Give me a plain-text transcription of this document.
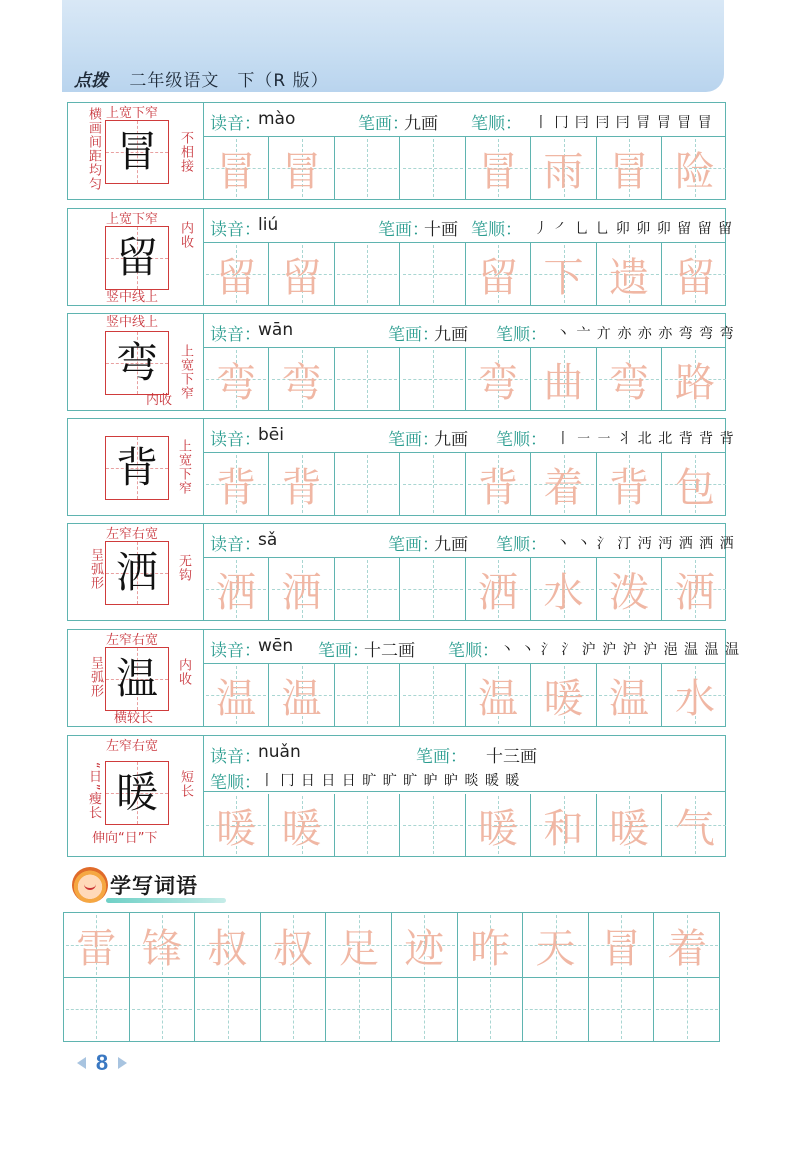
点拨 二年级语文　下（R 版）
冒
横画间距均匀 上宽下窄
不相接
读音：
mào	笔画：
九画 笔顺： 丨 冂 冃 冃 冃 冐 冐 冒 冒
冒 冒	冒 雨 冒 险
留
上宽下窄
内收
竖中线上
读音：
liú	笔画：
十画 笔顺： 丿 ㇒ 乚 乚 卯 卯 卯 留 留 留
留 留	留 下 遗 留
弯
竖中线上
上宽下窄
内收
读音：
wān	笔画：
九画 笔顺： 丶 亠 亣 亦 亦 亦 弯 弯 弯
弯 弯	弯 曲 弯 路
背 上宽下窄 读音：
bēi	笔画：
九画 笔顺： 丨 ㇐ ㇐ 丬 北 北 背 背 背
背 背	背 着 背 包
洒
左窄右宽
呈弧形	无钩
读音：
sǎ	笔画：
九画 笔顺： 丶 丶 氵 汀 沔 沔 洒 洒 洒
洒 洒	洒 水 泼 洒
温
左窄右宽
呈弧形	内收
横较长
读音：
wēn 笔画：
十二画 笔顺： 丶 丶 氵 氵 沪 沪 沪 沪 浥 温 温 温
温 温	温 暖 温 水
暖
左窄右宽
“日”瘦长	短长
伸向“日”下
读音：
nuǎn	笔画： 十三画
笔顺： 丨 冂 日 日 日 旷 旷 旷 昈 昈 晱 暖 暖
暖 暖	暖 和 暖 气
学写词语
雷 锋 叔 叔 足 迹 昨 天 冒 着
8
